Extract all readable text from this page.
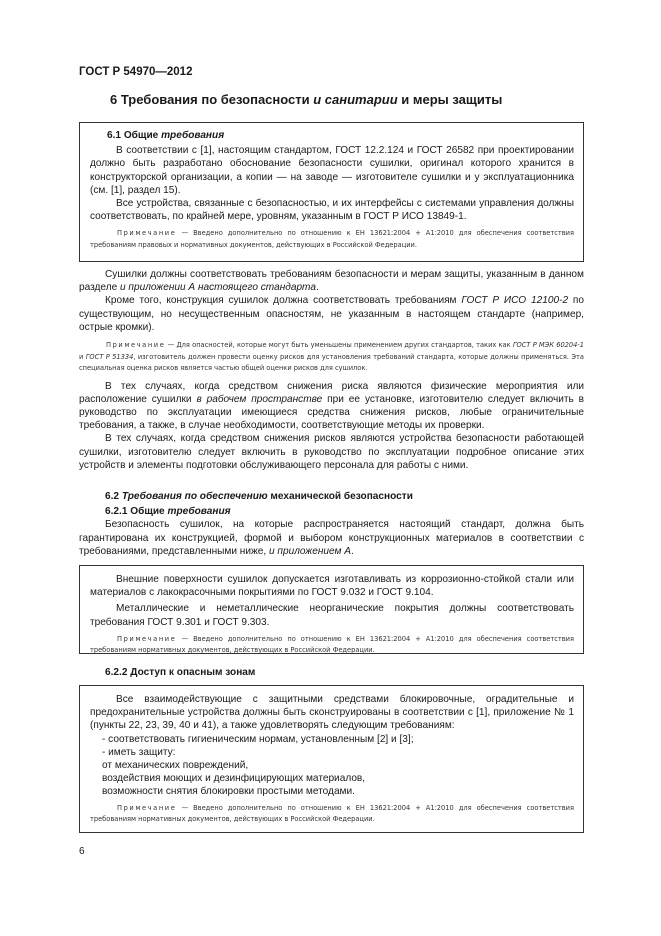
ГОСТ Р 54970—2012
6 Требования по безопасности и санитарии и меры защиты

6.1 Общие требования

В соответствии с [1], настоящим стандартом, ГОСТ 12.2.124 и ГОСТ 26582 при проектировании должно быть разработано обоснование безопасности сушилки, оригинал которого хранится в конструкторской организации, а копии — на заводе — изготовителе сушилки и у эксплуатационника (см. [1], раздел 15).

Все устройства, связанные с безопасностью, и их интерфейсы с системами управления должны соответствовать, по крайней мере, уровням, указанным в ГОСТ Р ИСО 13849-1.

Примечание — Введено дополнительно по отношению к ЕН 13621:2004 + А1:2010 для обеспечения соответствия требованиям правовых и нормативных документов, действующих в Российской Федерации.

Сушилки должны соответствовать требованиям безопасности и мерам защиты, указанным в данном разделе и приложении А настоящего стандарта.

Кроме того, конструкция сушилок должна соответствовать требованиям ГОСТ Р ИСО 12100-2 по существующим, но несущественным опасностям, не указанным в настоящем стандарте (например, острые кромки).

Примечание — Для опасностей, которые могут быть уменьшены применением других стандартов, таких как ГОСТ Р МЭК 60204-1 и ГОСТ Р 51334, изготовитель должен провести оценку рисков для установления требований стандарта, которые должны применяться. Эта специальная оценка рисков является частью общей оценки рисков для сушилок.

В тех случаях, когда средством снижения риска являются физические мероприятия или расположение сушилки в рабочем пространстве при ее установке, изготовителю следует включить в руководство по эксплуатации имеющиеся средства снижения рисков, любые ограничительные требования, а также, в случае необходимости, соответствующие методы их проверки.

В тех случаях, когда средством снижения рисков являются устройства безопасности работающей сушилки, изготовителю следует включить в руководство по эксплуатации подробное описание этих устройств и элементы подготовки обслуживающего персонала для работы с ними.

6.2 Требования по обеспечению механической безопасности

6.2.1 Общие требования

Безопасность сушилок, на которые распространяется настоящий стандарт, должна быть гарантирована их конструкцией, формой и выбором конструкционных материалов в соответствии с требованиями, представленными ниже, и приложением А.

Внешние поверхности сушилок допускается изготавливать из коррозионно-стойкой стали или материалов с лакокрасочными покрытиями по ГОСТ 9.032 и ГОСТ 9.104.

Металлические и неметаллические неорганические покрытия должны соответствовать требования ГОСТ 9.301 и ГОСТ 9.303.

Примечание — Введено дополнительно по отношению к ЕН 13621:2004 + А1:2010 для обеспечения соответствия требованиям нормативных документов, действующих в Российской Федерации.

6.2.2 Доступ к опасным зонам

Все взаимодействующие с защитными средствами блокировочные, оградительные и предохранительные устройства должны быть сконструированы в соответствии с [1], приложение № 1 (пункты 22, 23, 39, 40 и 41), а также удовлетворять следующим требованиям:

- соответствовать гигиеническим нормам, установленным [2] и [3];

- иметь защиту:

от механических повреждений,

воздействия моющих и дезинфицирующих материалов,

возможности снятия блокировки простыми методами.

Примечание — Введено дополнительно по отношению к ЕН 13621:2004 + А1:2010 для обеспечения соответствия требованиям нормативных документов, действующих в Российской Федерации.

6
